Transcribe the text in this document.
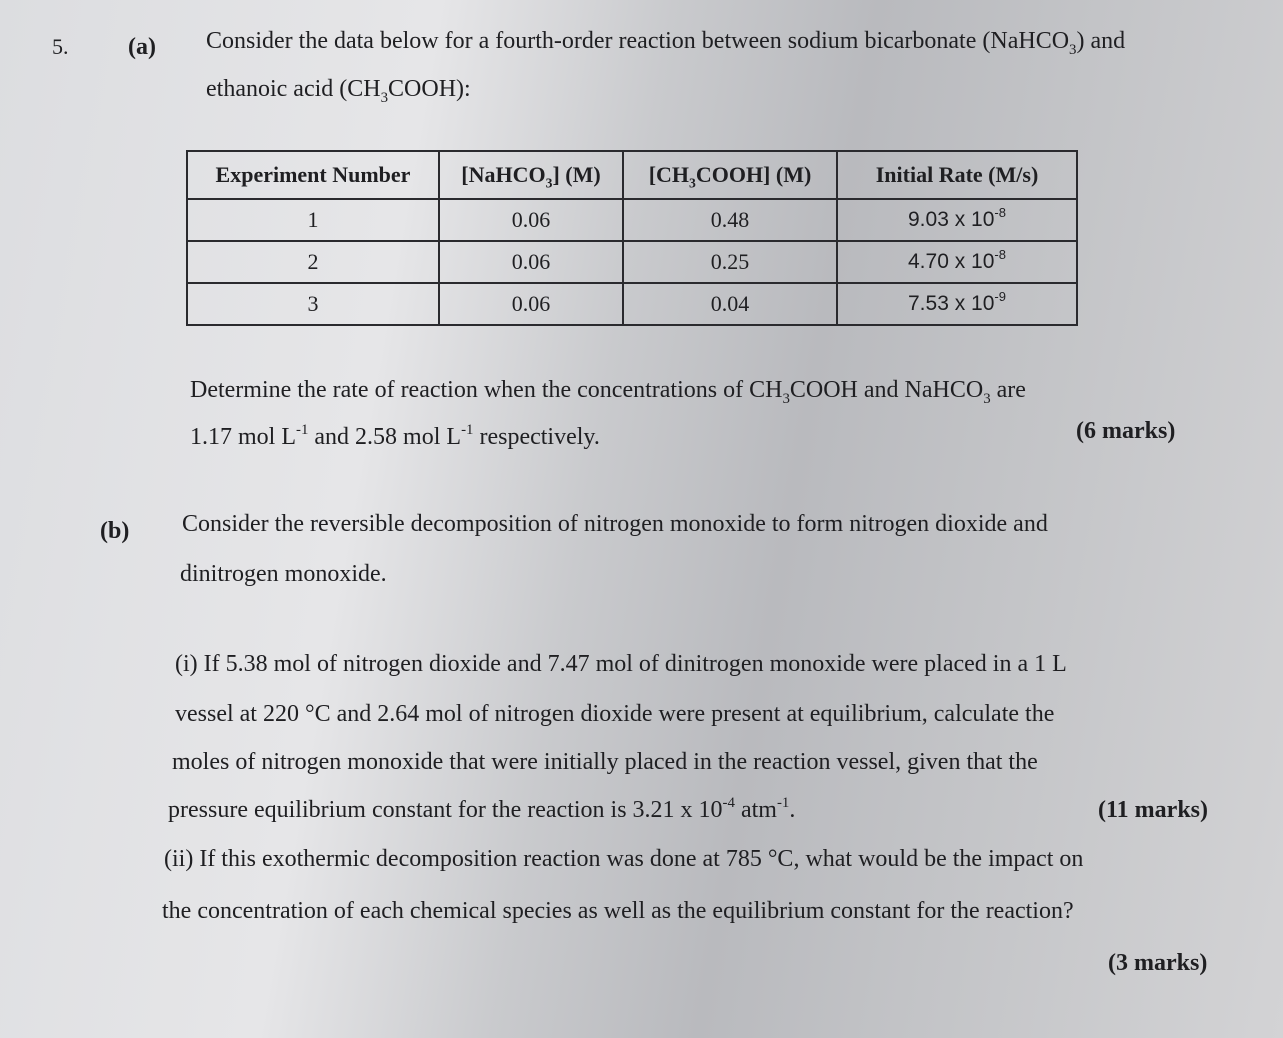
5. (a) Consider the data below for a fourth-order reaction between sodium bicarbonate (NaHCO$_3$) and
ethanoic acid $(CH_3COOH)$:
Experiment Number	[NaHCO$_3$] (M)	$[CH_3COOH]$ (M)	Initial Rate (M/s)
1	0.06	0.48	9.03 x $10^{-8}$
2	0.06	0.25	4.70 x $10^{-8}$
3	0.06	0.04	7.53 x $10^{-9}$
Determine the rate of reaction when the concentrations of $CH_3COOH$ and NaHCO$_3$ are
1.17 mol $L^{-1}$ and 2.58 mol $L^{-1}$ respectively.	(6 marks)
(b) Consider the reversible decomposition of nitrogen monoxide to form nitrogen dioxide and
dinitrogen monoxide.
(i) If 5.38 mol of nitrogen dioxide and 7.47 mol of dinitrogen monoxide were placed in a 1 L
vessel at 220 °C and 2.64 mol of nitrogen dioxide were present at equilibrium, calculate the
moles of nitrogen monoxide that were initially placed in the reaction vessel, given that the
pressure equilibrium constant for the reaction is 3.21 x $10^{-4}$ atm$^{-1}$.	(11 marks)
(ii) If this exothermic decomposition reaction was done at 785 °C, what would be the impact on
the concentration of each chemical species as well as the equilibrium constant for the reaction?
(3 marks)
